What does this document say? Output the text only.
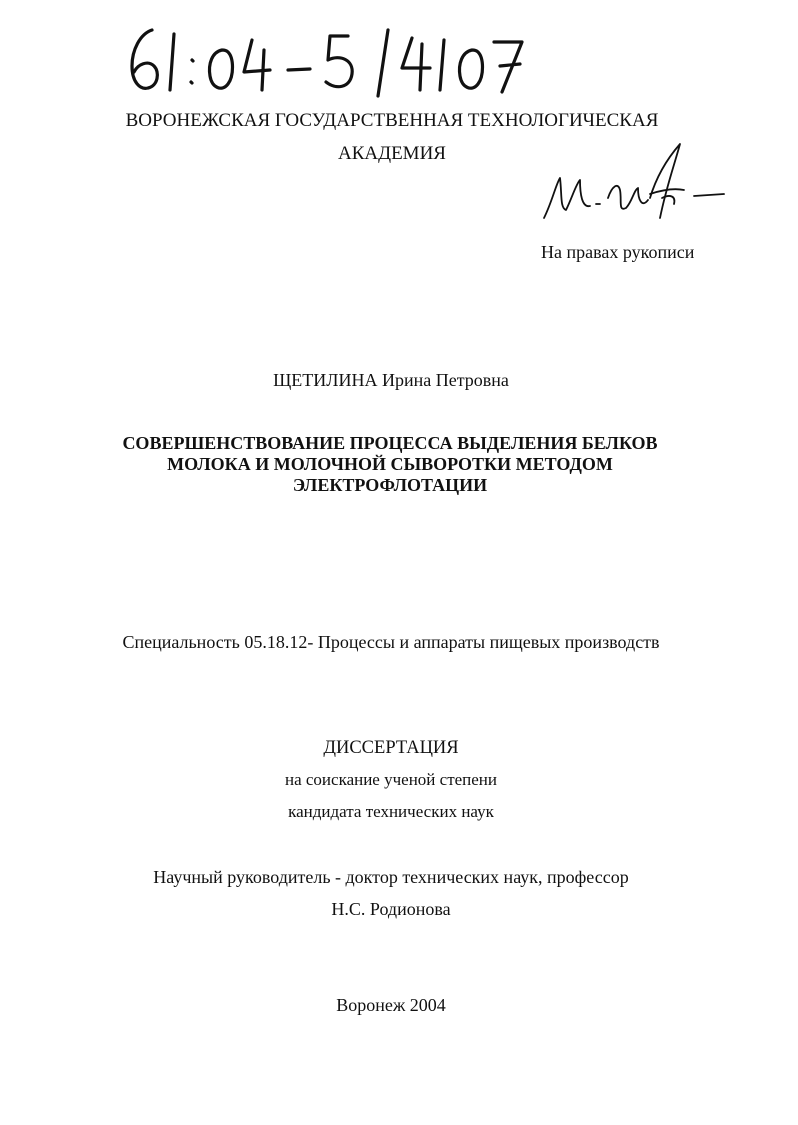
ВОРОНЕЖСКАЯ ГОСУДАРСТВЕННАЯ ТЕХНОЛОГИЧЕСКАЯ
АКАДЕМИЯ
На правах рукописи
ЩЕТИЛИНА Ирина Петровна
СОВЕРШЕНСТВОВАНИЕ ПРОЦЕССА ВЫДЕЛЕНИЯ БЕЛКОВ
МОЛОКА И МОЛОЧНОЙ СЫВОРОТКИ МЕТОДОМ
ЭЛЕКТРОФЛОТАЦИИ
Специальность 05.18.12- Процессы и аппараты пищевых производств
ДИССЕРТАЦИЯ
на соискание ученой степени
кандидата технических наук
Научный руководитель - доктор технических наук, профессор
Н.С. Родионова
Воронеж 2004
